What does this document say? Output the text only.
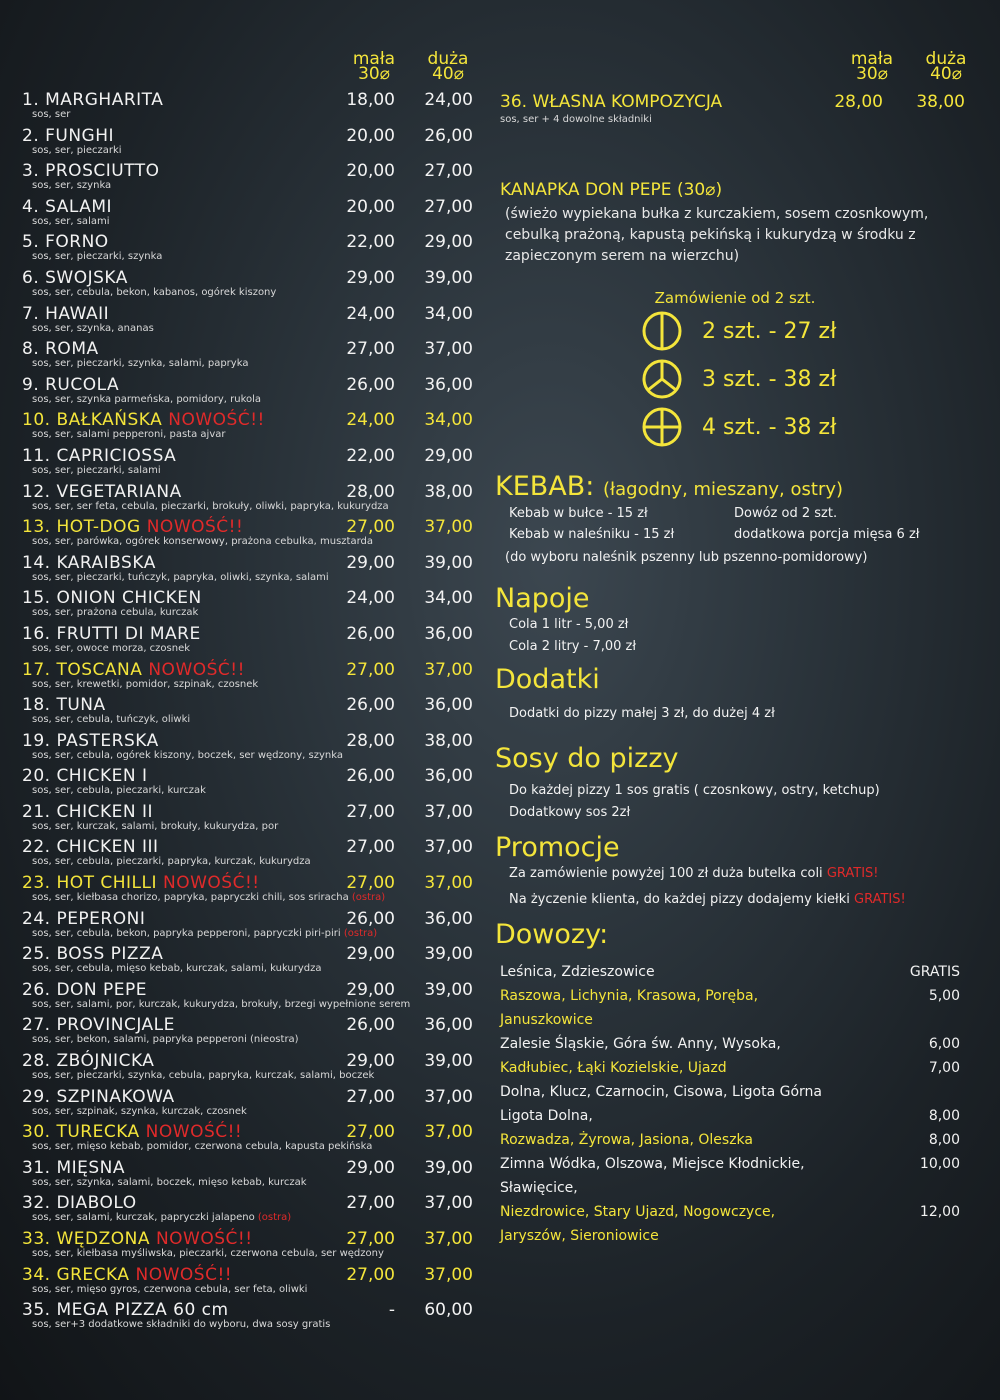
mała
30⌀
duża
40⌀
1. MARGHARITA
sos, ser
18,00	24,00
2. FUNGHI
sos, ser, pieczarki
20,00	26,00
3. PROSCIUTTO
sos, ser, szynka
20,00	27,00
4. SALAMI
sos, ser, salami
20,00	27,00
5. FORNO
sos, ser, pieczarki, szynka
22,00	29,00
6. SWOJSKA
sos, ser, cebula, bekon, kabanos, ogórek kiszony
29,00	39,00
7. HAWAII
sos, ser, szynka, ananas
24,00	34,00
8. ROMA
sos, ser, pieczarki, szynka, salami, papryka
27,00	37,00
9. RUCOLA
sos, ser, szynka parmeńska, pomidory, rukola
26,00	36,00
10. BAŁKAŃSKA NOWOŚĆ!!
sos, ser, salami pepperoni, pasta ajvar
24,00	34,00
11. CAPRICIOSSA
sos, ser, pieczarki, salami
22,00	29,00
12. VEGETARIANA
sos, ser, ser feta, cebula, pieczarki, brokuły, oliwki, papryka, kukurydza
28,00	38,00
13. HOT-DOG NOWOŚĆ!!
sos, ser, parówka, ogórek konserwowy, prażona cebulka, musztarda
27,00	37,00
14. KARAIBSKA
sos, ser, pieczarki, tuńczyk, papryka, oliwki, szynka, salami
29,00	39,00
15. ONION CHICKEN
sos, ser, prażona cebula, kurczak
24,00	34,00
16. FRUTTI DI MARE
sos, ser, owoce morza, czosnek
26,00	36,00
17. TOSCANA NOWOŚĆ!!
sos, ser, krewetki, pomidor, szpinak, czosnek
27,00	37,00
18. TUNA
sos, ser, cebula, tuńczyk, oliwki
26,00	36,00
19. PASTERSKA
sos, ser, cebula, ogórek kiszony, boczek, ser wędzony, szynka
28,00	38,00
20. CHICKEN I
sos, ser, cebula, pieczarki, kurczak
26,00	36,00
21. CHICKEN II
sos, ser, kurczak, salami, brokuły, kukurydza, por
27,00	37,00
22. CHICKEN III
sos, ser, cebula, pieczarki, papryka, kurczak, kukurydza
27,00	37,00
23. HOT CHILLI NOWOŚĆ!!
sos, ser, kiełbasa chorizo, papryka, papryczki chili, sos sriracha (ostra)
27,00	37,00
24. PEPERONI
sos, ser, cebula, bekon, papryka pepperoni, papryczki piri-piri (ostra)
26,00	36,00
25. BOSS PIZZA
sos, ser, cebula, mięso kebab, kurczak, salami, kukurydza
29,00	39,00
26. DON PEPE
sos, ser, salami, por, kurczak, kukurydza, brokuły, brzegi wypełnione serem
29,00	39,00
27. PROVINCJALE
sos, ser, bekon, salami, papryka pepperoni (nieostra)
26,00	36,00
28. ZBÓJNICKA
sos, ser, pieczarki, szynka, cebula, papryka, kurczak, salami, boczek
29,00	39,00
29. SZPINAKOWA
sos, ser, szpinak, szynka, kurczak, czosnek
27,00	37,00
30. TURECKA NOWOŚĆ!!
sos, ser, mięso kebab, pomidor, czerwona cebula, kapusta pekińska
27,00	37,00
31. MIĘSNA
sos, ser, szynka, salami, boczek, mięso kebab, kurczak
29,00	39,00
32. DIABOLO
sos, ser, salami, kurczak, papryczki jalapeno (ostra)
27,00	37,00
33. WĘDZONA NOWOŚĆ!!
sos, ser, kiełbasa myśliwska, pieczarki, czerwona cebula, ser wędzony
27,00	37,00
34. GRECKA NOWOŚĆ!!
sos, ser, mięso gyros, czerwona cebula, ser feta, oliwki
27,00	37,00
35. MEGA PIZZA 60 cm
sos, ser+3 dodatkowe składniki do wyboru, dwa sosy gratis
-	60,00
mała
30⌀
duża
40⌀
36. WŁASNA KOMPOZYCJA
sos, ser + 4 dowolne składniki
28,00 38,00
KANAPKA DON PEPE (30⌀)
(świeżo wypiekana bułka z kurczakiem, sosem czosnkowym, cebulką prażoną, kapustą pekińską i kukurydzą w środku z zapieczonym serem na wierzchu)
Zamówienie od 2 szt.
2 szt. - 27 zł
3 szt. - 38 zł
4 szt. - 38 zł
KEBAB: (łagodny, mieszany, ostry)
Kebab w bułce - 15 zł	Dowóz od 2 szt.
Kebab w naleśniku - 15 zł	dodatkowa porcja mięsa 6 zł
(do wyboru naleśnik pszenny lub pszenno-pomidorowy)
Napoje
Cola 1 litr - 5,00 zł
Cola 2 litry - 7,00 zł
Dodatki
Dodatki do pizzy małej 3 zł, do dużej 4 zł
Sosy do pizzy
Do każdej pizzy 1 sos gratis ( czosnkowy, ostry, ketchup)
Dodatkowy sos 2zł
Promocje
Za zamówienie powyżej 100 zł duża butelka coli GRATIS!
Na życzenie klienta, do każdej pizzy dodajemy kiełki GRATIS!
Dowozy:
Leśnica, Zdzieszowice	GRATIS
Raszowa, Lichynia, Krasowa, Poręba,	5,00
Januszkowice
Zalesie Śląskie, Góra św. Anny, Wysoka,	6,00
Kadłubiec, Łąki Kozielskie, Ujazd	7,00
Dolna, Klucz, Czarnocin, Cisowa, Ligota Górna
Ligota Dolna,	8,00
Rozwadza, Żyrowa, Jasiona, Oleszka	8,00
Zimna Wódka, Olszowa, Miejsce Kłodnickie,	10,00
Sławięcice,
Niezdrowice, Stary Ujazd, Nogowczyce,	12,00
Jaryszów, Sieroniowice
